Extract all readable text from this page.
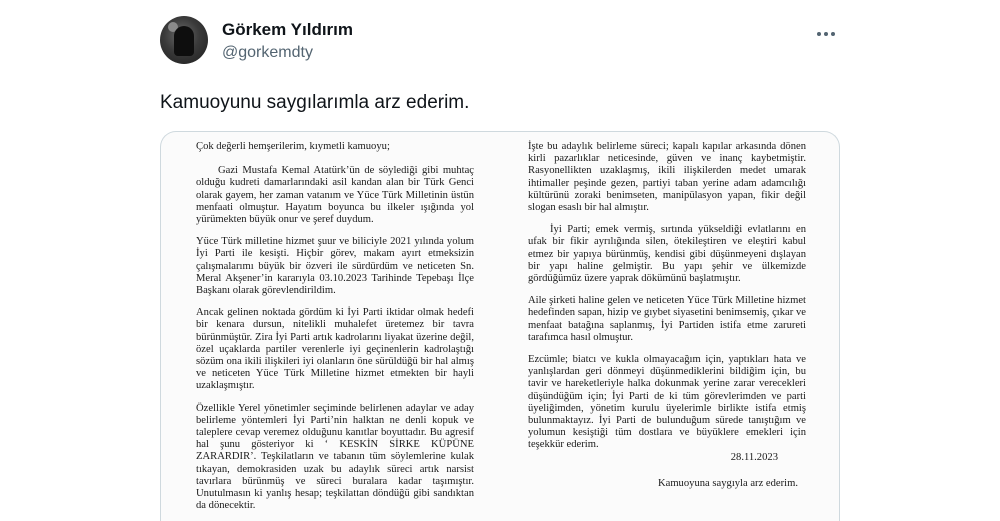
Görkem Yıldırım
@gorkemdty
Kamuoyunu saygılarımla arz ederim.

Çok değerli hemşerilerim, kıymetli kamuoyu;

Gazi Mustafa Kemal Atatürk’ün de söylediği gibi muhtaç olduğu kudreti damarlarındaki asil kandan alan bir Türk Genci olarak gayem, her zaman vatanım ve Yüce Türk Milletinin üstün menfaati olmuştur. Hayatım boyunca bu ilkeler ışığında yol yürümekten büyük onur ve şeref duydum.

Yüce Türk milletine hizmet şuur ve biliciyle 2021 yılında yolum İyi Parti ile kesişti. Hiçbir görev, makam ayırt etmeksizin çalışmalarımı büyük bir özveri ile sürdürdüm ve neticeten Sn. Meral Akşener’in kararıyla 03.10.2023 Tarihinde Tepebaşı İlçe Başkanı olarak görevlendirildim.

Ancak gelinen noktada gördüm ki İyi Parti iktidar olmak hedefi bir kenara dursun, nitelikli muhalefet üretemez bir tavra bürünmüştür. Zira İyi Parti artık kadrolarını liyakat üzerine değil, özel uçaklarda partiler verenlerle iyi geçinenlerin kadrolaştığı sözüm ona ikili ilişkileri iyi olanların öne sürüldüğü bir hal almış ve neticeten Yüce Türk Milletine hizmet etmekten bir hayli uzaklaşmıştır.

Özellikle Yerel yönetimler seçiminde belirlenen adaylar ve aday belirleme yöntemleri İyi Parti’nin halktan ne denli kopuk ve taleplere cevap veremez olduğunu kanıtlar boyuttadır. Bu agresif hal şunu gösteriyor ki ‘ KESKİN SİRKE KÜPÜNE ZARARDIR’. Teşkilatların ve tabanın tüm söylemlerine kulak tıkayan, demokrasiden uzak bu adaylık süreci artık narsist tavırlara bürünmüş ve süreci buralara kadar taşımıştır. Unutulmasın ki yanlış hesap; teşkilattan döndüğü gibi sandıktan da dönecektir.

İşte bu adaylık belirleme süreci; kapalı kapılar arkasında dönen kirli pazarlıklar neticesinde, güven ve inanç kaybetmiştir. Rasyonellikten uzaklaşmış, ikili ilişkilerden medet umarak ihtimaller peşinde gezen, partiyi taban yerine adam adamcılığı kültürünü zoraki benimseten, manipülasyon yapan, fikir değil slogan esaslı bir hal almıştır.

İyi Parti; emek vermiş, sırtında yükseldiği evlatlarını en ufak bir fikir ayrılığında silen, ötekileştiren ve eleştiri kabul etmez bir yapıya bürünmüş, kendisi gibi düşünmeyeni dışlayan bir yapı haline gelmiştir. Bu yapı şehir ve ülkemizde gördüğümüz üzere yaprak dökümünü başlatmıştır.

Aile şirketi haline gelen ve neticeten Yüce Türk Milletine hizmet hedefinden sapan, hizip ve gıybet siyasetini benimsemiş, çıkar ve menfaat batağına saplanmış, İyi Partiden istifa etme zarureti tarafımca hasıl olmuştur.

Ezcümle; biatcı ve kukla olmayacağım için, yaptıkları hata ve yanlışlardan geri dönmeyi düşünmediklerini bildiğim için, bu tavir ve hareketleriyle halka dokunmak yerine zarar verecekleri düşündüğüm için; İyi Parti de ki tüm görevlerimden ve parti üyeliğimden, yönetim kurulu üyelerimle birlikte istifa etmiş bulunmaktayız. İyi Parti de bulunduğum sürede tanıştığım ve yolumun kesiştiği tüm dostlara ve büyüklere emekleri için teşekkür ederim.

28.11.2023

Kamuoyuna saygıyla arz ederim.
